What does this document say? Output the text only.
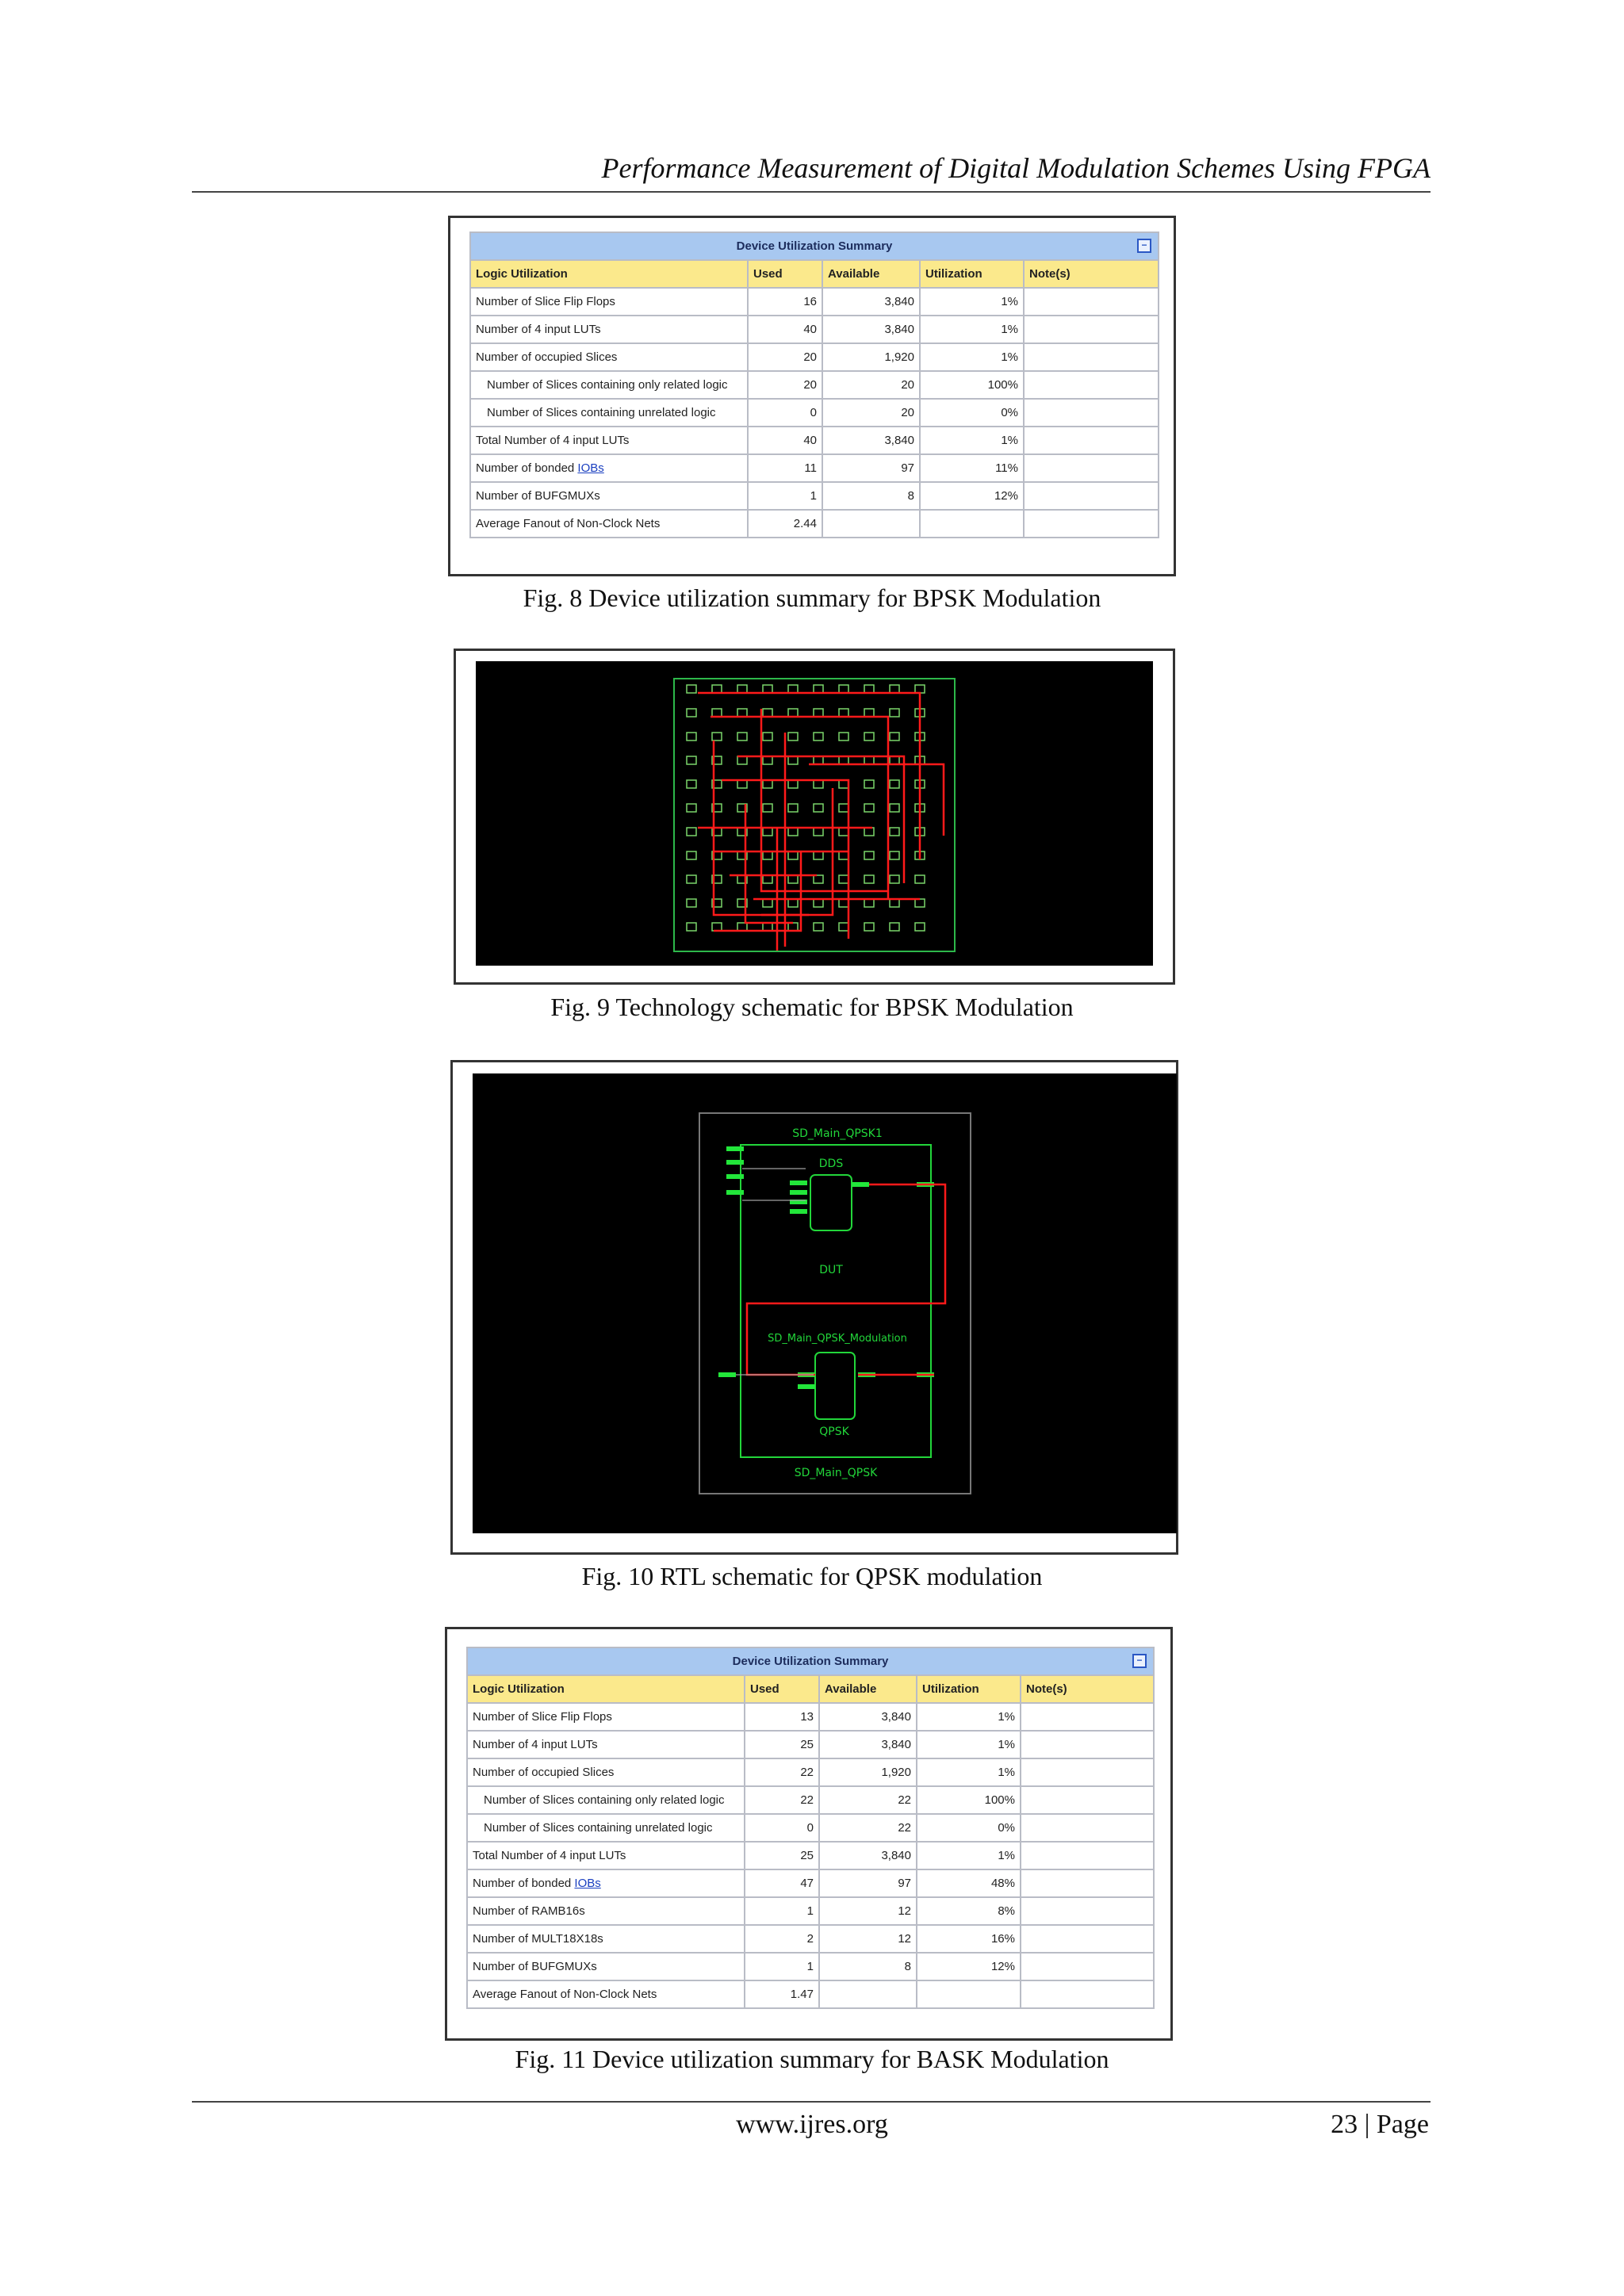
Performance Measurement of Digital Modulation Schemes Using FPGA
Device Utilization Summary −				

Logic Utilization	Used	Available	Utilization	Note(s)
Number of Slice Flip Flops	16	3,840	1%	
Number of 4 input LUTs	40	3,840	1%	
Number of occupied Slices	20	1,920	1%	
Number of Slices containing only related logic	20	20	100%	
Number of Slices containing unrelated logic	0	20	0%	
Total Number of 4 input LUTs	40	3,840	1%	
Number of bonded IOBs	11	97	11%	
Number of BUFGMUXs	1	8	12%	
Average Fanout of Non-Clock Nets	2.44			
Fig. 8 Device utilization summary for BPSK Modulation
Fig. 9 Technology schematic for BPSK Modulation
SD_Main_QPSK1
DDS
DUT
SD_Main_QPSK_Modulation
QPSK
SD_Main_QPSK
Fig. 10 RTL schematic for QPSK modulation
Device Utilization Summary −				

Logic Utilization	Used	Available	Utilization	Note(s)
Number of Slice Flip Flops	13	3,840	1%	
Number of 4 input LUTs	25	3,840	1%	
Number of occupied Slices	22	1,920	1%	
Number of Slices containing only related logic	22	22	100%	
Number of Slices containing unrelated logic	0	22	0%	
Total Number of 4 input LUTs	25	3,840	1%	
Number of bonded IOBs	47	97	48%	
Number of RAMB16s	1	12	8%	
Number of MULT18X18s	2	12	16%	
Number of BUFGMUXs	1	8	12%	
Average Fanout of Non-Clock Nets	1.47			
Fig. 11 Device utilization summary for BASK Modulation
www.ijres.org	23 | Page
